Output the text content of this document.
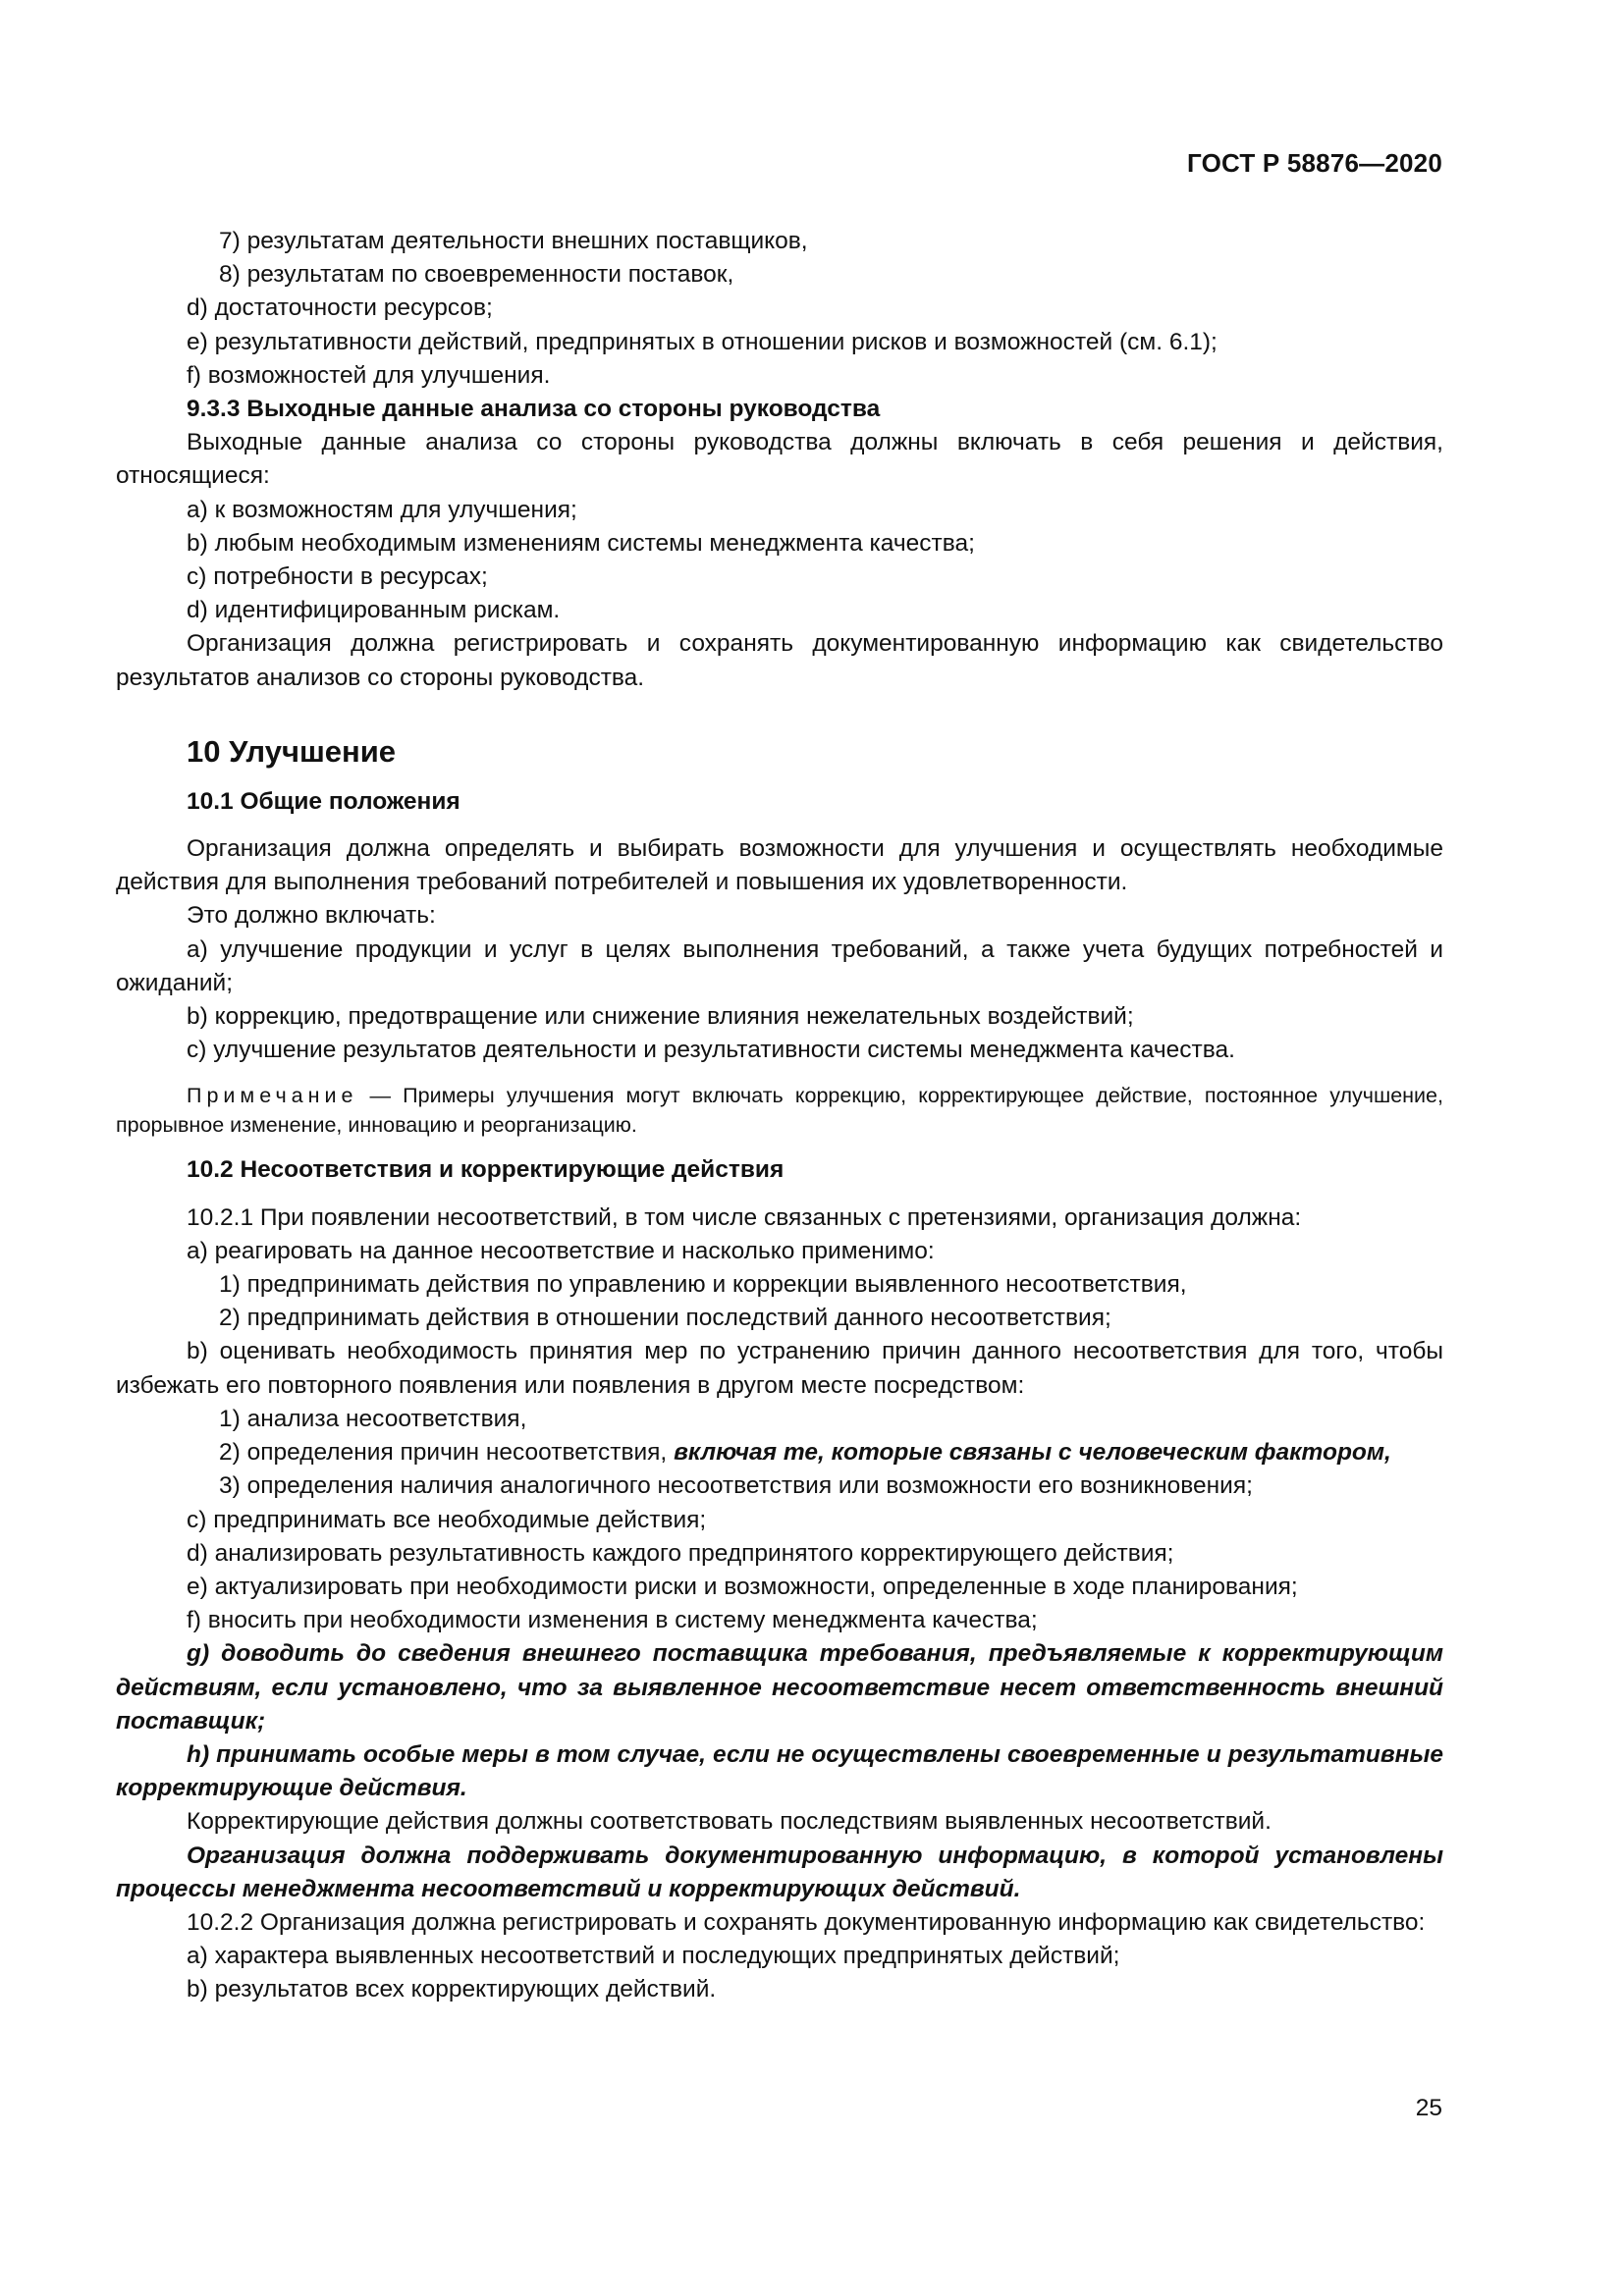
ГОСТ Р 58876—2020

7) результатам деятельности внешних поставщиков,

8) результатам по своевременности поставок,

d) достаточности ресурсов;

e) результативности действий, предпринятых в отношении рисков и возможностей (см. 6.1);

f) возможностей для улучшения.

9.3.3 Выходные данные анализа со стороны руководства

Выходные данные анализа со стороны руководства должны включать в себя решения и действия, относящиеся:

a) к возможностям для улучшения;

b) любым необходимым изменениям системы менеджмента качества;

c) потребности в ресурсах;

d) идентифицированным рискам.

Организация должна регистрировать и сохранять документированную информацию как свидетельство результатов анализов со стороны руководства.

10 Улучшение

10.1 Общие положения

Организация должна определять и выбирать возможности для улучшения и осуществлять необходимые действия для выполнения требований потребителей и повышения их удовлетворенности.

Это должно включать:

a) улучшение продукции и услуг в целях выполнения требований, а также учета будущих потребностей и ожиданий;

b) коррекцию, предотвращение или снижение влияния нежелательных воздействий;

c) улучшение результатов деятельности и результативности системы менеджмента качества.

Примечание — Примеры улучшения могут включать коррекцию, корректирующее действие, постоянное улучшение, прорывное изменение, инновацию и реорганизацию.

10.2 Несоответствия и корректирующие действия

10.2.1 При появлении несоответствий, в том числе связанных с претензиями, организация должна:

a) реагировать на данное несоответствие и насколько применимо:

1) предпринимать действия по управлению и коррекции выявленного несоответствия,

2) предпринимать действия в отношении последствий данного несоответствия;

b) оценивать необходимость принятия мер по устранению причин данного несоответствия для того, чтобы избежать его повторного появления или появления в другом месте посредством:

1) анализа несоответствия,

2) определения причин несоответствия, включая те, которые связаны с человеческим фактором,

3) определения наличия аналогичного несоответствия или возможности его возникновения;

c) предпринимать все необходимые действия;

d) анализировать результативность каждого предпринятого корректирующего действия;

e) актуализировать при необходимости риски и возможности, определенные в ходе планирования;

f) вносить при необходимости изменения в систему менеджмента качества;

g) доводить до сведения внешнего поставщика требования, предъявляемые к корректирующим действиям, если установлено, что за выявленное несоответствие несет ответственность внешний поставщик;

h) принимать особые меры в том случае, если не осуществлены своевременные и результативные корректирующие действия.

Корректирующие действия должны соответствовать последствиям выявленных несоответствий.

Организация должна поддерживать документированную информацию, в которой установлены процессы менеджмента несоответствий и корректирующих действий.

10.2.2 Организация должна регистрировать и сохранять документированную информацию как свидетельство:

a) характера выявленных несоответствий и последующих предпринятых действий;

b) результатов всех корректирующих действий.

25
